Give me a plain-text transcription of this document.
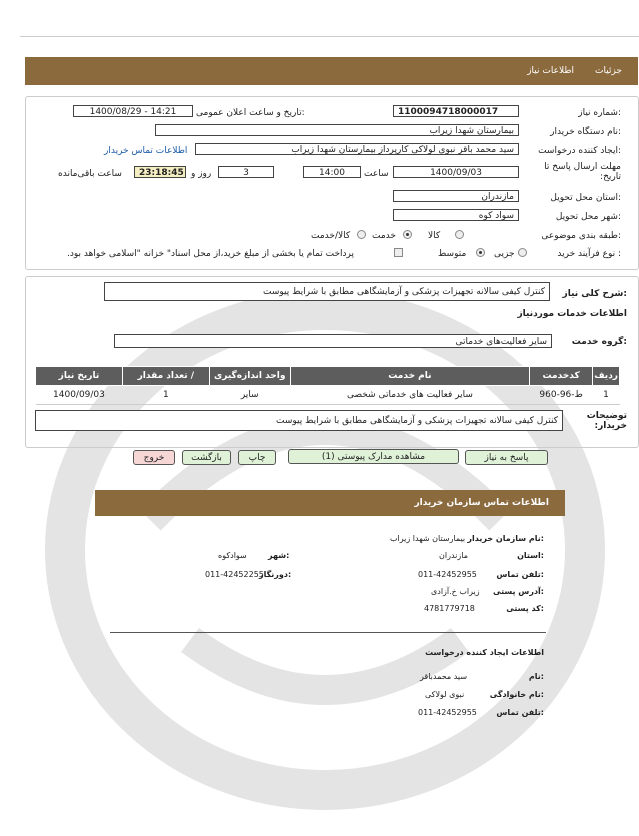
جزئیات
اطلاعات نیاز
شماره نیاز:
1100094718000017
تاریخ و ساعت اعلان عمومی:
1400/08/29 - 14:21
نام دستگاه خریدار:
بیمارستان شهدا زیراب
ایجاد کننده درخواست:
سید محمد باقر نبوی لولاکی کارپرداز بیمارستان شهدا زیراب
اطلاعات تماس خریدار
مهلت ارسال پاسخ تا تاریخ:
1400/09/03
ساعت
14:00
3
روز و
23:18:45
ساعت باقی‌مانده
استان محل تحویل:
مازندران
شهر محل تحویل:
سواد کوه
طبقه بندی موضوعی:
کالا
خدمت
کالا/خدمت
نوع فرآیند خرید :
جزیی
متوسط
پرداخت تمام یا بخشی از مبلغ خرید،از محل اسناد" خزانه "اسلامی خواهد بود.
شرح کلی نیاز:
کنترل کیفی سالانه تجهیزات پزشکی و آزمایشگاهی مطابق با شرایط پیوست
اطلاعات خدمات موردنیاز
گروه خدمت:
سایر فعالیت‌های خدماتی
ردیف	کدخدمت	نام خدمت	واحد اندازه‌گیری	/ تعداد مقدار	تاریخ نیاز
1	ط-96-960	سایر فعالیت های خدماتی شخصی	سایر	1	1400/09/03
توضیحات خریدار:
کنترل کیفی سالانه تجهیزات پزشکی و آزمایشگاهی مطابق با شرایط پیوست
پاسخ به نیاز
مشاهده مدارک پیوستی (1)
چاپ
بازگشت
خروج
اطلاعات تماس سازمان خریدار
نام سازمان خریدار:
بیمارستان شهدا زیراب
استان:
مازندران
شهر:
سوادکوه
تلفن تماس:
011-42452955
دورنگار:
011-42452255
آدرس پستی:
زیراب خ.آزادی
کد پستی:
4781779718
اطلاعات ایجاد کننده درخواست
نام:
سید محمدباقر
نام خانوادگی:
نبوی لولاکی
تلفن تماس:
011-42452955
